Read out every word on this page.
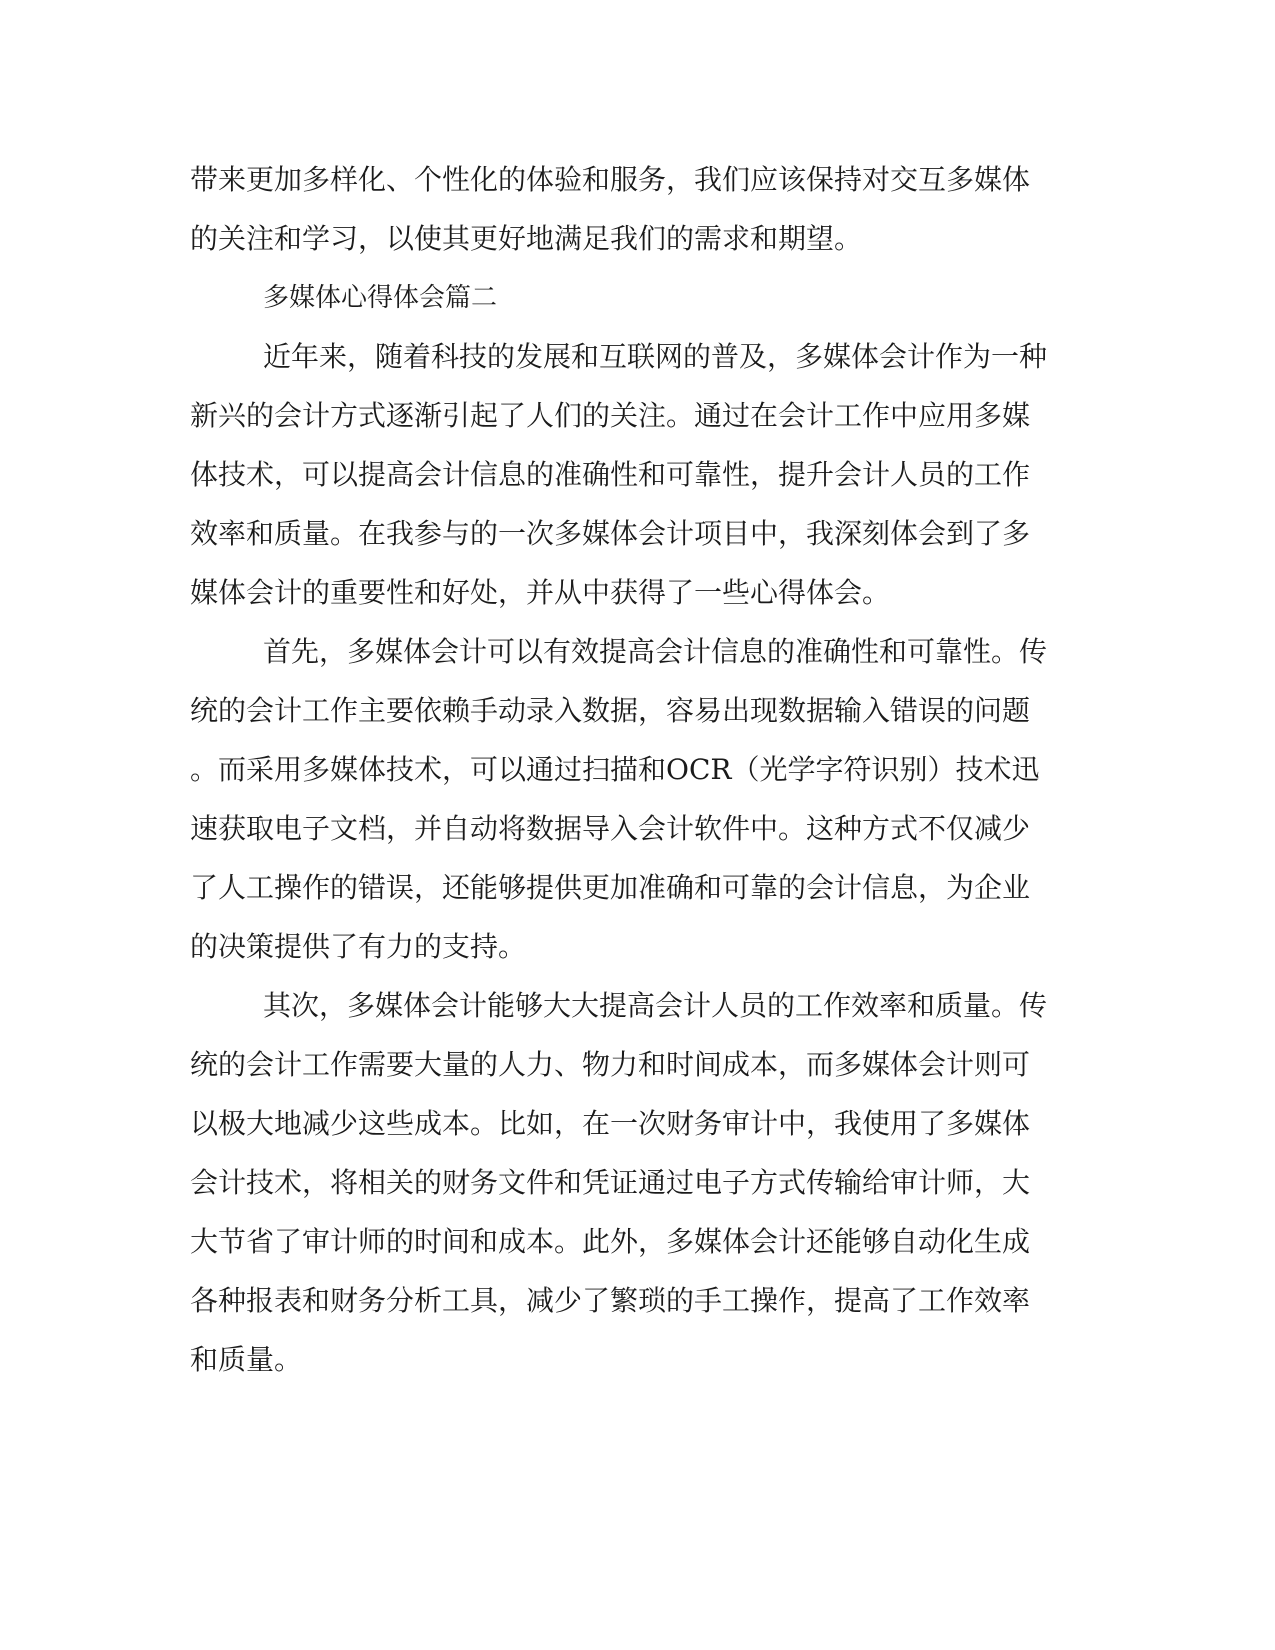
带来更加多样化、个性化的体验和服务，我们应该保持对交互多媒体
的关注和学习，以使其更好地满足我们的需求和期望。
多媒体心得体会篇二
近年来，随着科技的发展和互联网的普及，多媒体会计作为一种
新兴的会计方式逐渐引起了人们的关注。通过在会计工作中应用多媒
体技术，可以提高会计信息的准确性和可靠性，提升会计人员的工作
效率和质量。在我参与的一次多媒体会计项目中，我深刻体会到了多
媒体会计的重要性和好处，并从中获得了一些心得体会。
首先，多媒体会计可以有效提高会计信息的准确性和可靠性。传
统的会计工作主要依赖手动录入数据，容易出现数据输入错误的问题
。而采用多媒体技术，可以通过扫描和OCR（光学字符识别）技术迅
速获取电子文档，并自动将数据导入会计软件中。这种方式不仅减少
了人工操作的错误，还能够提供更加准确和可靠的会计信息，为企业
的决策提供了有力的支持。
其次，多媒体会计能够大大提高会计人员的工作效率和质量。传
统的会计工作需要大量的人力、物力和时间成本，而多媒体会计则可
以极大地减少这些成本。比如，在一次财务审计中，我使用了多媒体
会计技术，将相关的财务文件和凭证通过电子方式传输给审计师，大
大节省了审计师的时间和成本。此外，多媒体会计还能够自动化生成
各种报表和财务分析工具，减少了繁琐的手工操作，提高了工作效率
和质量。
